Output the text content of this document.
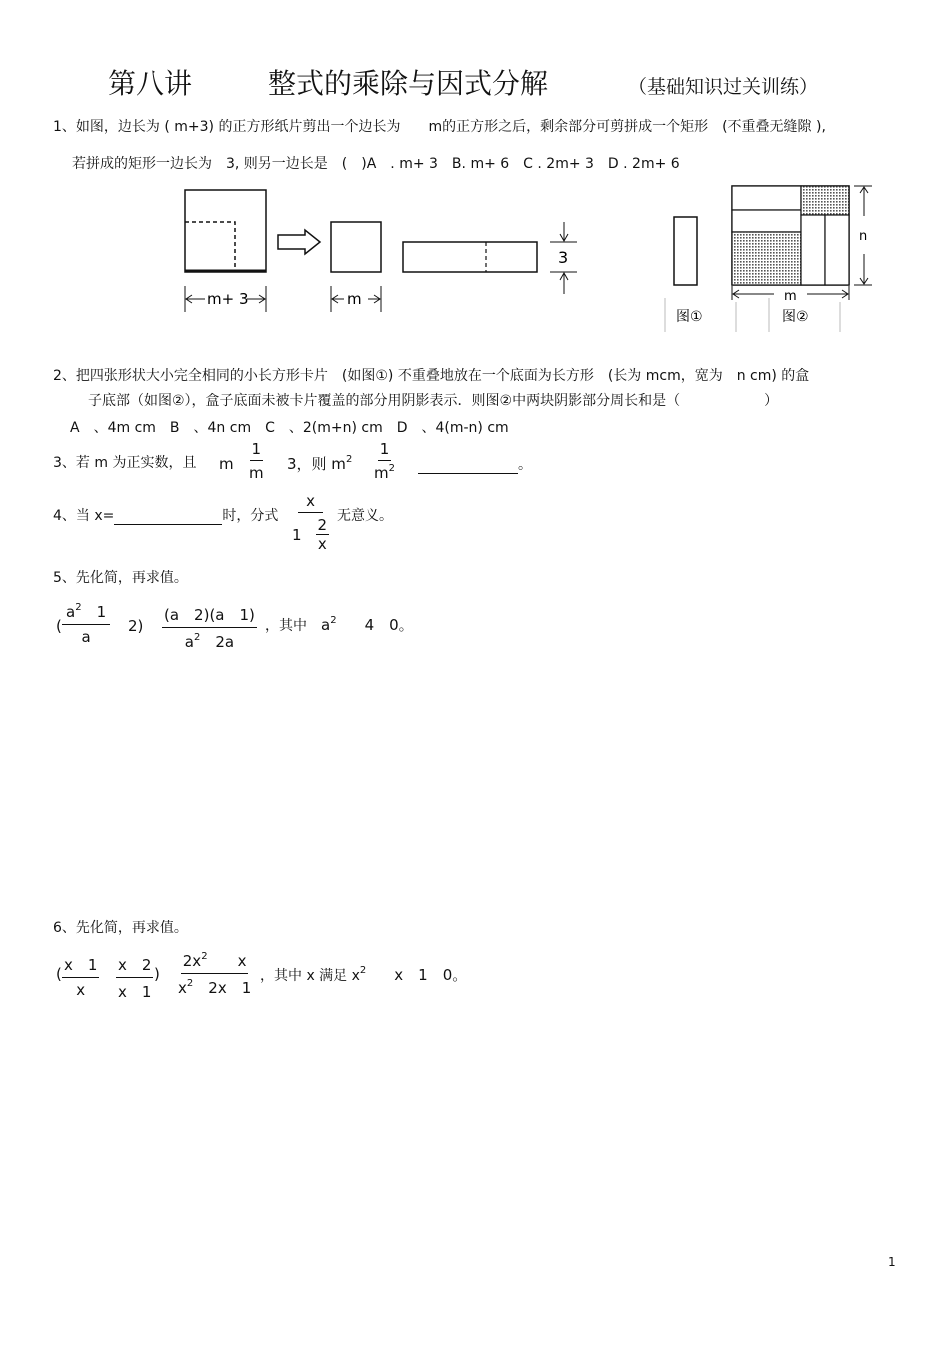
第八讲	整式的乘除与因式分解	（基础知识过关训练）
1、如图，边长为 ( m+3) 的正方形纸片剪出一个边长为　　m的正方形之后，剩余部分可剪拼成一个矩形　(不重叠无缝隙 ),
若拼成的矩形一边长为　3, 则另一边长是　(　)A　. m+ 3　B. m+ 6　C . 2m+ 3　D . 2m+ 6
3
m+ 3	m
n
m
图①	图②
2、把四张形状大小完全相同的小长方形卡片　(如图①) 不重叠地放在一个底面为长方形　(长为 mcm，宽为　n cm) 的盒
子底部（如图②），盒子底面未被卡片覆盖的部分用阴影表示．则图②中两块阴影部分周长和是（　　　　　　）
A　、4m cm　B　、4n cm　C　、2(m+n) cm　D　、4(m-n) cm
3、若 m 为正实数，且 m $\frac{1}{m} 3$，则 $m^2 \frac{1}{m^2}$	。
4、当 x=	时，分式 x
1
2
x 无意义。
5、先化简，再求值。
( $\frac{a^2 1}{a} 2) \frac{(a 2)(a 1)}{a^2 2a}$ ，其中　 $a^2$　　 4　0。
6、先化简，再求值。
( $\frac{x 1}{x} \frac{x 2}{x 1}$ ) $\frac{2x^2 x}{x^2 2x 1}$ ，其中 x 满足 $x^2$　　 x　1　0。
1
